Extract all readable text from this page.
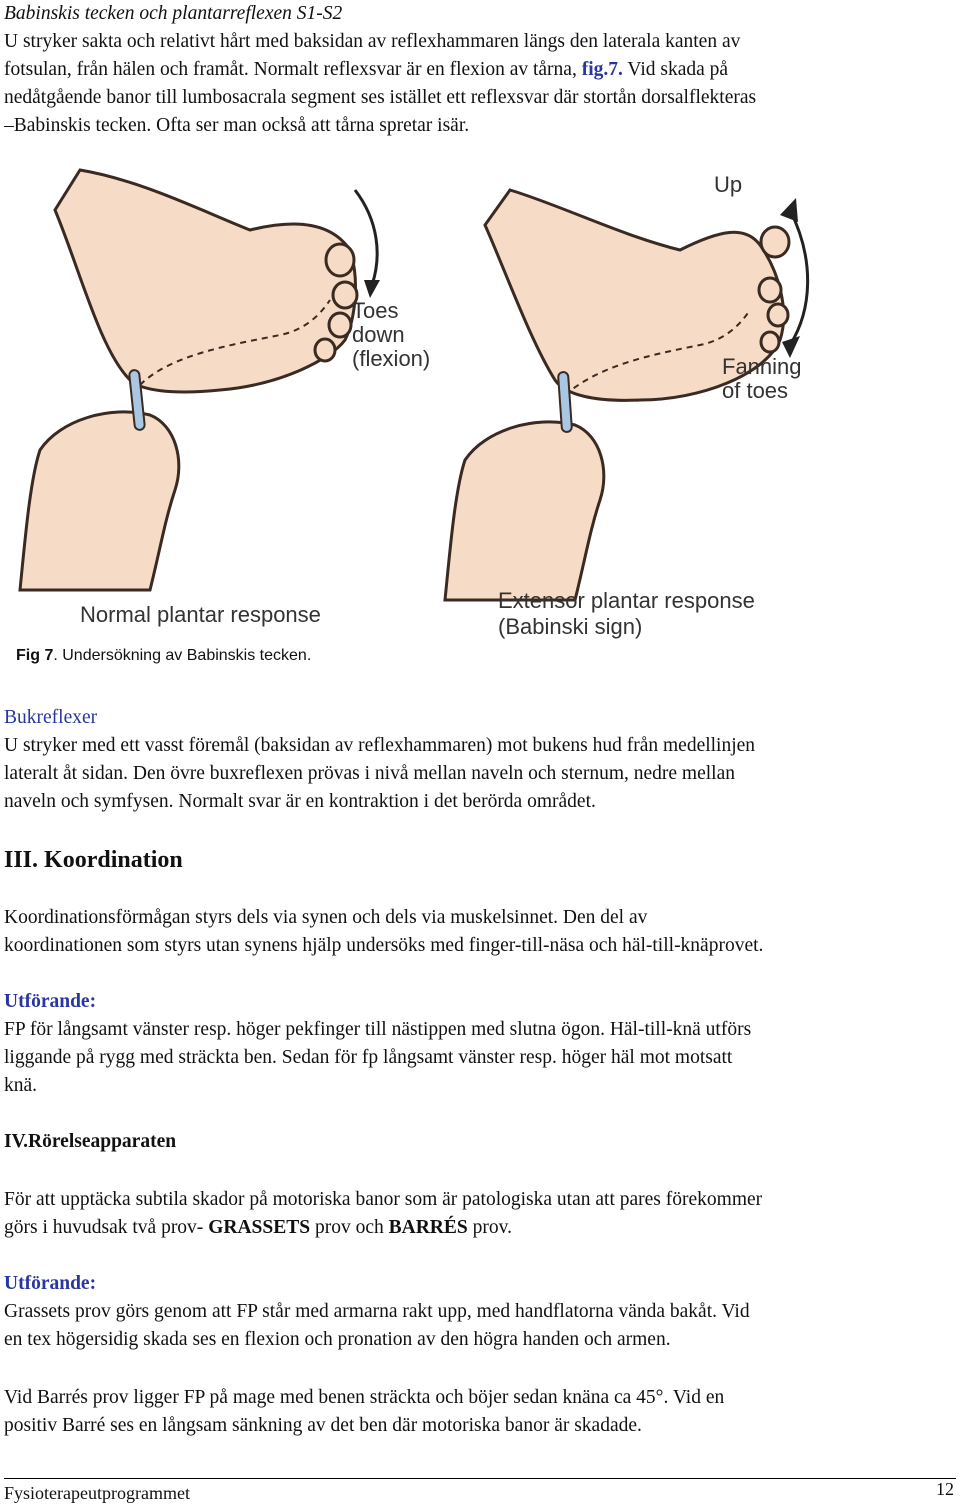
Babinskis tecken och plantarreflexen S1-S2

U stryker sakta och relativt hårt med baksidan av reflexhammaren längs den laterala kanten av

fotsulan, från hälen och framåt. Normalt reflexsvar är en flexion av tårna, fig.7. Vid skada på

nedåtgående banor till lumbosacrala segment ses istället ett reflexsvar där stortån dorsalflekteras

–Babinskis tecken. Ofta ser man också att tårna spretar isär.

Toes
down
(flexion)
Normal plantar response
Up
Fanning
of toes
Extensor plantar response
(Babinski sign)

Fig 7. Undersökning av Babinskis tecken.

Bukreflexer

U stryker med ett vasst föremål (baksidan av reflexhammaren) mot bukens hud från medellinjen

lateralt åt sidan. Den övre buxreflexen prövas i nivå mellan naveln och sternum, nedre mellan

naveln och symfysen. Normalt svar är en kontraktion i det berörda området.

III. Koordination

Koordinationsförmågan styrs dels via synen och dels via muskelsinnet. Den del av

koordinationen som styrs utan synens hjälp undersöks med finger-till-näsa och häl-till-knäprovet.

Utförande:

FP för långsamt vänster resp. höger pekfinger till nästippen med slutna ögon. Häl-till-knä utförs

liggande på rygg med sträckta ben. Sedan för fp långsamt vänster resp. höger häl mot motsatt

knä.

IV.Rörelseapparaten

För att upptäcka subtila skador på motoriska banor som är patologiska utan att pares förekommer

görs i huvudsak två prov- GRASSETS prov och BARRÉS prov.

Utförande:

Grassets prov görs genom att FP står med armarna rakt upp, med handflatorna vända bakåt. Vid

en tex högersidig skada ses en flexion och pronation av den högra handen och armen.

Vid Barrés prov ligger FP på mage med benen sträckta och böjer sedan knäna ca 45°. Vid en

positiv Barré ses en långsam sänkning av det ben där motoriska banor är skadade.

Fysioterapeutprogrammet	12
